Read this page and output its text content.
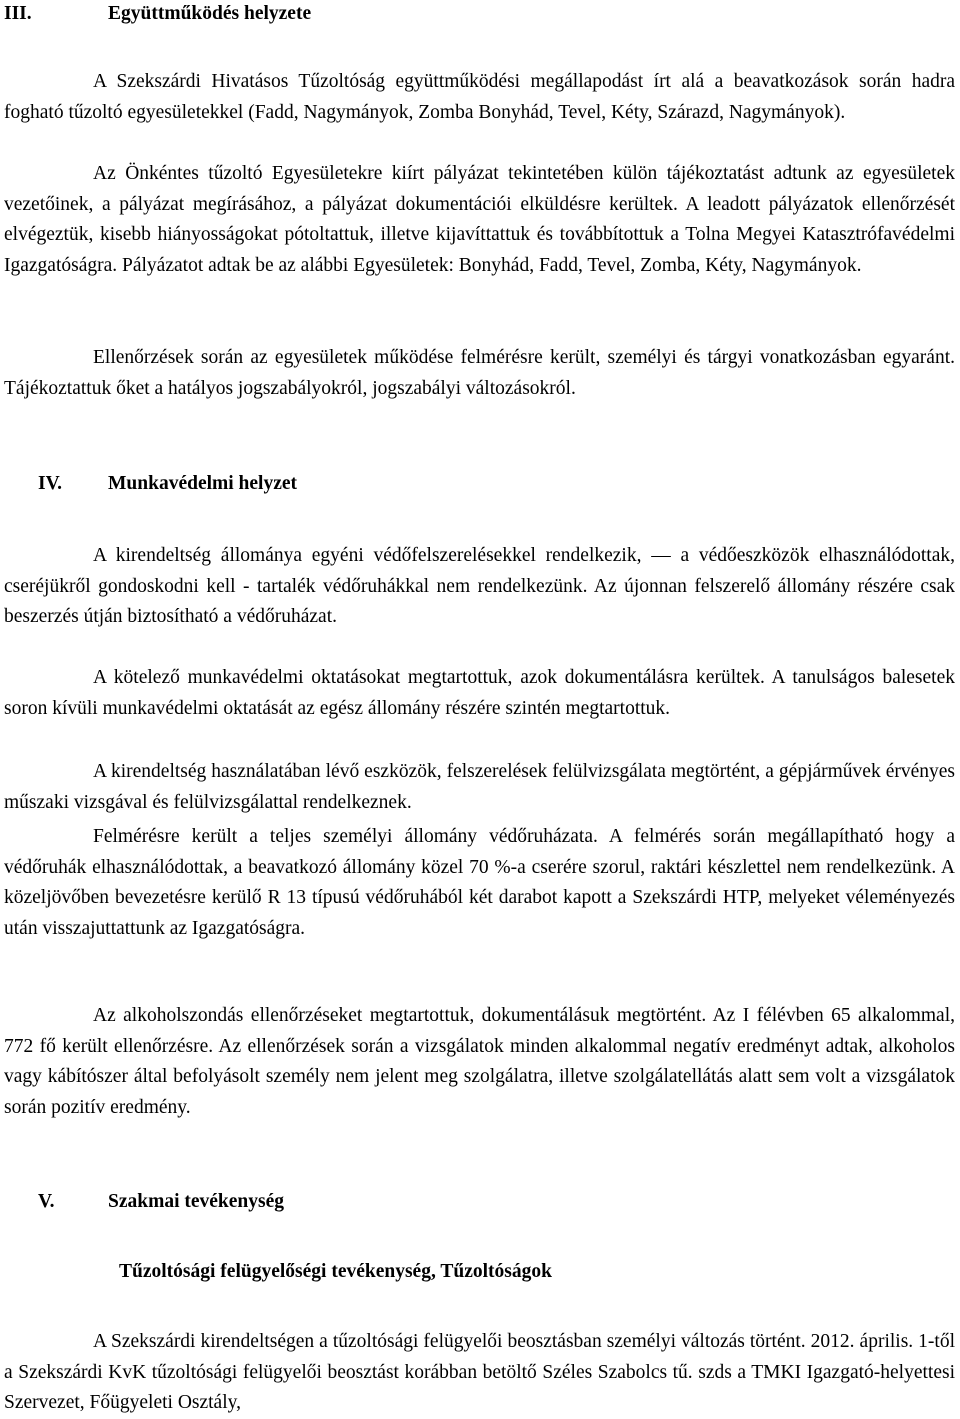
III.	Együttműködés helyzete

A Szekszárdi Hivatásos Tűzoltóság együttműködési megállapodást írt alá a beavatkozások során hadra fogható tűzoltó egyesületekkel (Fadd, Nagymányok, Zomba Bonyhád, Tevel, Kéty, Szárazd, Nagymányok).

Az Önkéntes tűzoltó Egyesületekre kiírt pályázat tekintetében külön tájékoztatást adtunk az egyesületek vezetőinek, a pályázat megírásához, a pályázat dokumentációi elküldésre kerültek. A leadott pályázatok ellenőrzését elvégeztük, kisebb hiányosságokat pótoltattuk, illetve kijavíttattuk és továbbítottuk a Tolna Megyei Katasztrófavédelmi Igazgatóságra. Pályázatot adtak be az alábbi Egyesületek: Bonyhád, Fadd, Tevel, Zomba, Kéty, Nagymányok.

Ellenőrzések során az egyesületek működése felmérésre került, személyi és tárgyi vonatkozásban egyaránt. Tájékoztattuk őket a hatályos jogszabályokról, jogszabályi változásokról.

IV. Munkavédelmi helyzet

A kirendeltség állománya egyéni védőfelszerelésekkel rendelkezik, — a védőeszközök elhasználódottak, cseréjükről gondoskodni kell - tartalék védőruhákkal nem rendelkezünk. Az újonnan felszerelő állomány részére csak beszerzés útján biztosítható a védőruházat.

A kötelező munkavédelmi oktatásokat megtartottuk, azok dokumentálásra kerültek. A tanulságos balesetek soron kívüli munkavédelmi oktatását az egész állomány részére szintén megtartottuk.

A kirendeltség használatában lévő eszközök, felszerelések felülvizsgálata megtörtént, a gépjárművek érvényes műszaki vizsgával és felülvizsgálattal rendelkeznek.

Felmérésre került a teljes személyi állomány védőruházata. A felmérés során megállapítható hogy a védőruhák elhasználódottak, a beavatkozó állomány közel 70 %-a cserére szorul, raktári készlettel nem rendelkezünk. A közeljövőben bevezetésre kerülő R 13 típusú védőruhából két darabot kapott a Szekszárdi HTP, melyeket véleményezés után visszajuttattunk az Igazgatóságra.

Az alkoholszondás ellenőrzéseket megtartottuk, dokumentálásuk megtörtént. Az I félévben 65 alkalommal, 772 fő került ellenőrzésre. Az ellenőrzések során a vizsgálatok minden alkalommal negatív eredményt adtak, alkoholos vagy kábítószer által befolyásolt személy nem jelent meg szolgálatra, illetve szolgálatellátás alatt sem volt a vizsgálatok során pozitív eredmény.

V.	Szakmai tevékenység
Tűzoltósági felügyelőségi tevékenység, Tűzoltóságok

A Szekszárdi kirendeltségen a tűzoltósági felügyelői beosztásban személyi változás történt. 2012. április. 1-től a Szekszárdi KvK tűzoltósági felügyelői beosztást korábban betöltő Széles Szabolcs tű. szds a TMKI Igazgató-helyettesi Szervezet, Főügyeleti Osztály,
